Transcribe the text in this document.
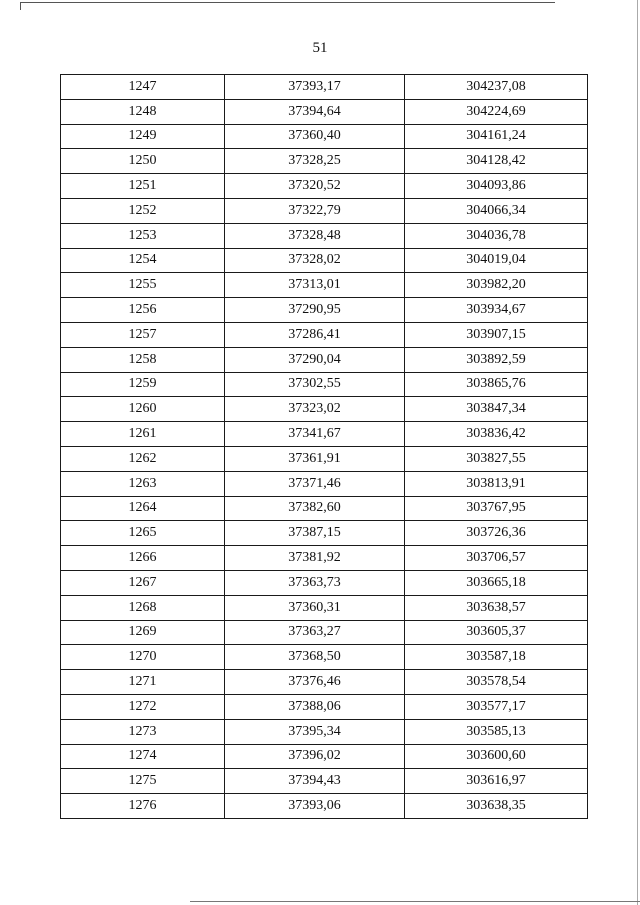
51
1247	37393,17	304237,08
1248	37394,64	304224,69
1249	37360,40	304161,24
1250	37328,25	304128,42
1251	37320,52	304093,86
1252	37322,79	304066,34
1253	37328,48	304036,78
1254	37328,02	304019,04
1255	37313,01	303982,20
1256	37290,95	303934,67
1257	37286,41	303907,15
1258	37290,04	303892,59
1259	37302,55	303865,76
1260	37323,02	303847,34
1261	37341,67	303836,42
1262	37361,91	303827,55
1263	37371,46	303813,91
1264	37382,60	303767,95
1265	37387,15	303726,36
1266	37381,92	303706,57
1267	37363,73	303665,18
1268	37360,31	303638,57
1269	37363,27	303605,37
1270	37368,50	303587,18
1271	37376,46	303578,54
1272	37388,06	303577,17
1273	37395,34	303585,13
1274	37396,02	303600,60
1275	37394,43	303616,97
1276	37393,06	303638,35
